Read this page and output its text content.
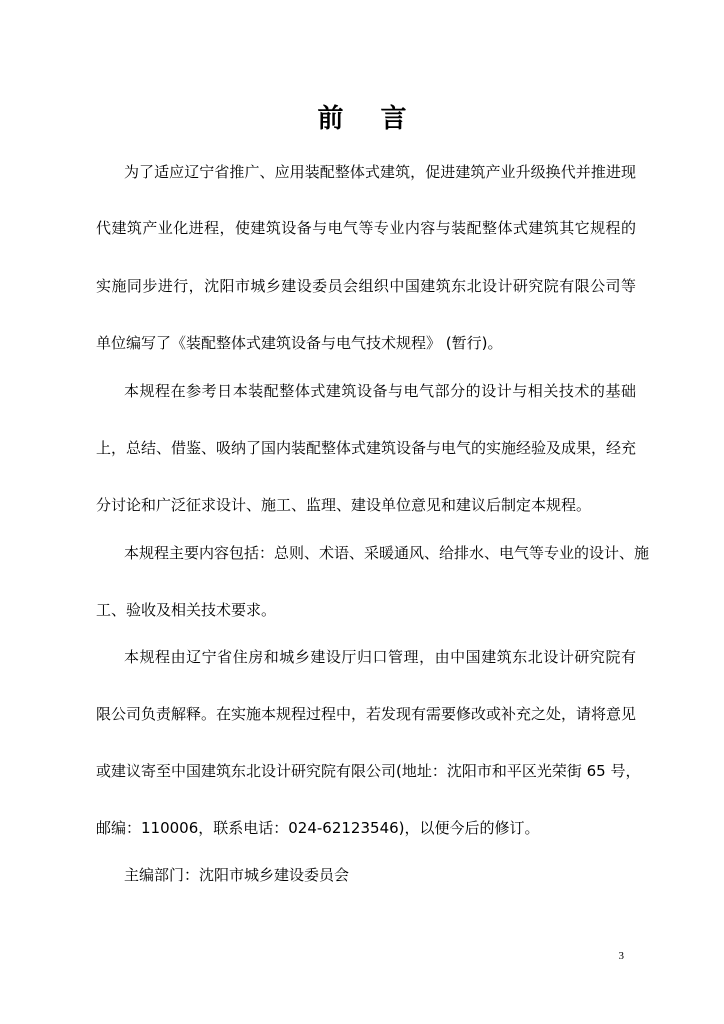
前 言
为了适应辽宁省推广、应用装配整体式建筑，促进建筑产业升级换代并推进现
代建筑产业化进程，使建筑设备与电气等专业内容与装配整体式建筑其它规程的
实施同步进行，沈阳市城乡建设委员会组织中国建筑东北设计研究院有限公司等
单位编写了《装配整体式建筑设备与电气技术规程》 (暂行)。
本规程在参考日本装配整体式建筑设备与电气部分的设计与相关技术的基础
上，总结、借鉴、吸纳了国内装配整体式建筑设备与电气的实施经验及成果，经充
分讨论和广泛征求设计、施工、监理、建设单位意见和建议后制定本规程。
本规程主要内容包括：总则、术语、采暖通风、给排水、电气等专业的设计、施
工、验收及相关技术要求。
本规程由辽宁省住房和城乡建设厅归口管理，由中国建筑东北设计研究院有
限公司负责解释。在实施本规程过程中，若发现有需要修改或补充之处，请将意见
或建议寄至中国建筑东北设计研究院有限公司(地址：沈阳市和平区光荣街 65 号，
邮编：110006，联系电话：024-62123546)，以便今后的修订。
主编部门：沈阳市城乡建设委员会
3
